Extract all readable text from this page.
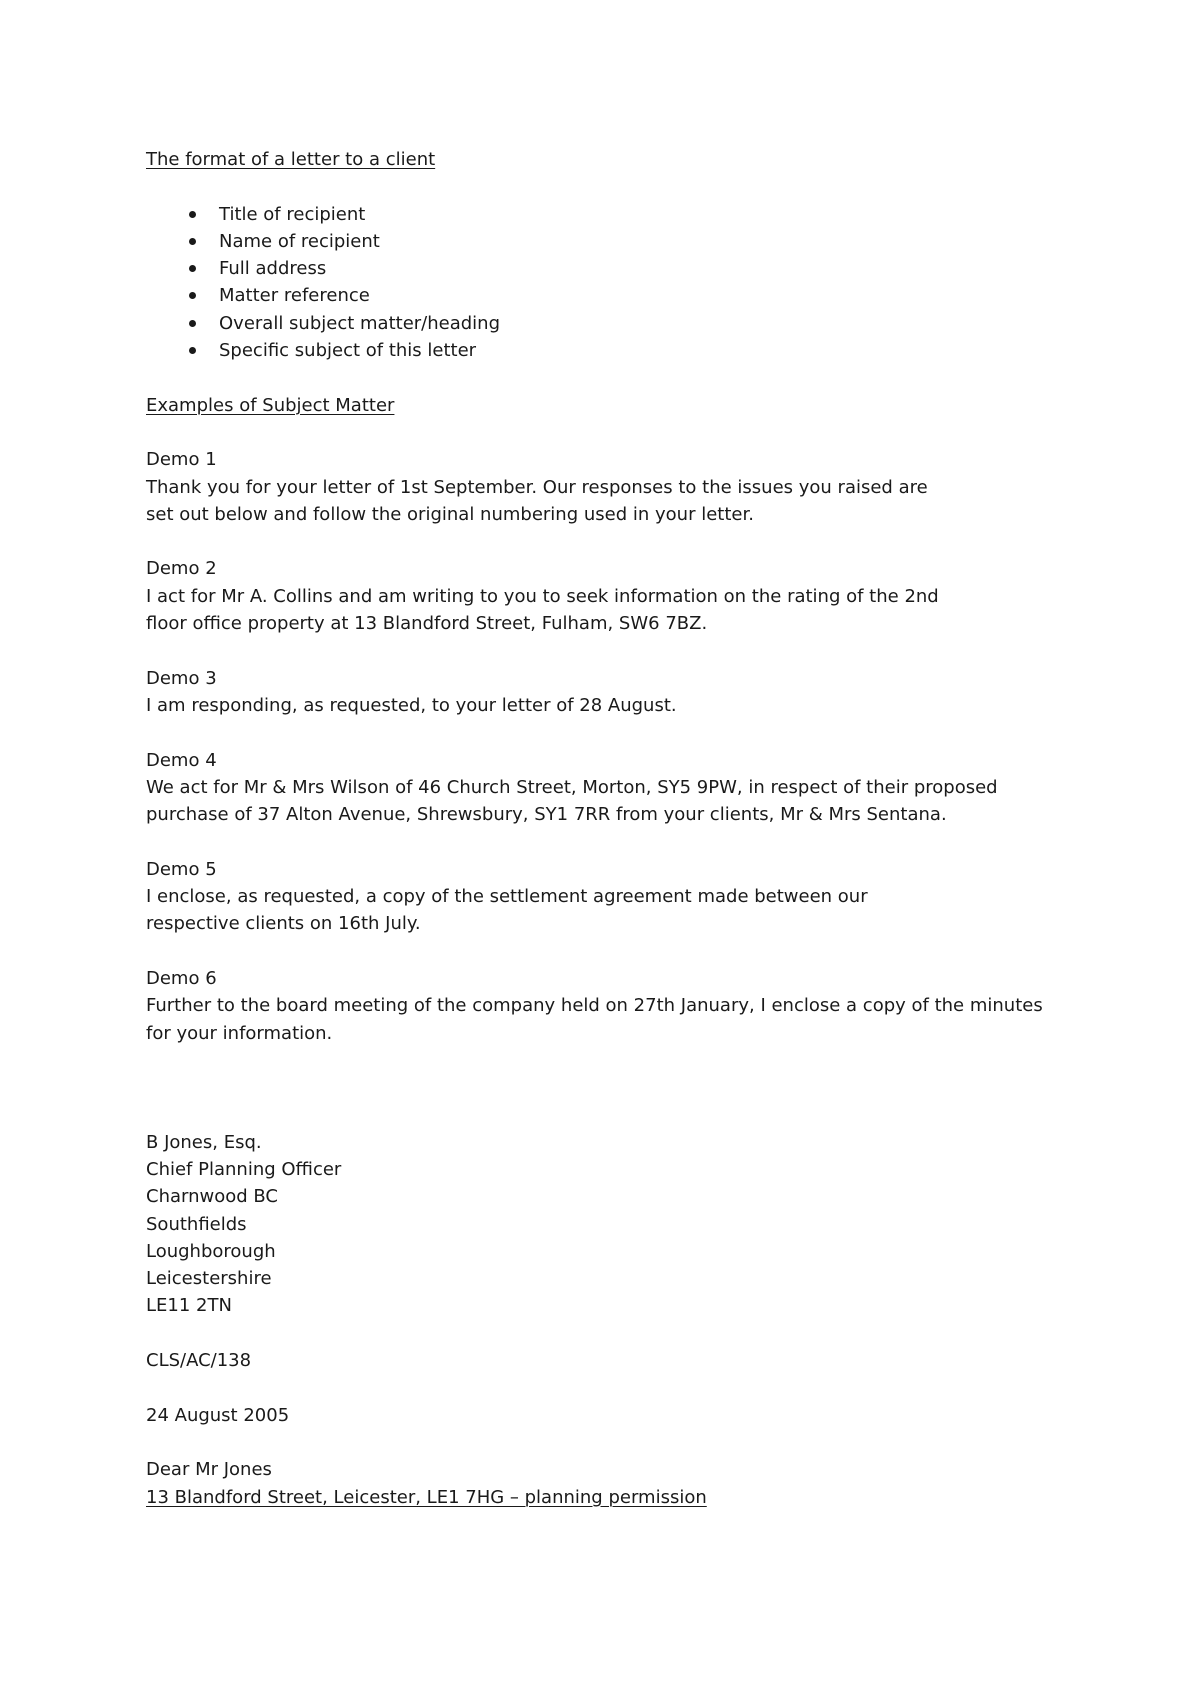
The format of a letter to a client

Title of recipient
Name of recipient
Full address
Matter reference
Overall subject matter/heading
Specific subject of this letter

Examples of Subject Matter

Demo 1

Thank you for your letter of 1st September. Our responses to the issues you raised are

set out below and follow the original numbering used in your letter.

Demo 2

I act for Mr A. Collins and am writing to you to seek information on the rating of the 2nd

floor office property at 13 Blandford Street, Fulham, SW6 7BZ.

Demo 3

I am responding, as requested, to your letter of 28 August.

Demo 4

We act for Mr & Mrs Wilson of 46 Church Street, Morton, SY5 9PW, in respect of their proposed

purchase of 37 Alton Avenue, Shrewsbury, SY1 7RR from your clients, Mr & Mrs Sentana.

Demo 5

I enclose, as requested, a copy of the settlement agreement made between our

respective clients on 16th July.

Demo 6

Further to the board meeting of the company held on 27th January, I enclose a copy of the minutes

for your information.

B Jones, Esq.

Chief Planning Officer

Charnwood BC

Southfields

Loughborough

Leicestershire

LE11 2TN

CLS/AC/138

24 August 2005

Dear Mr Jones

13 Blandford Street, Leicester, LE1 7HG – planning permission
